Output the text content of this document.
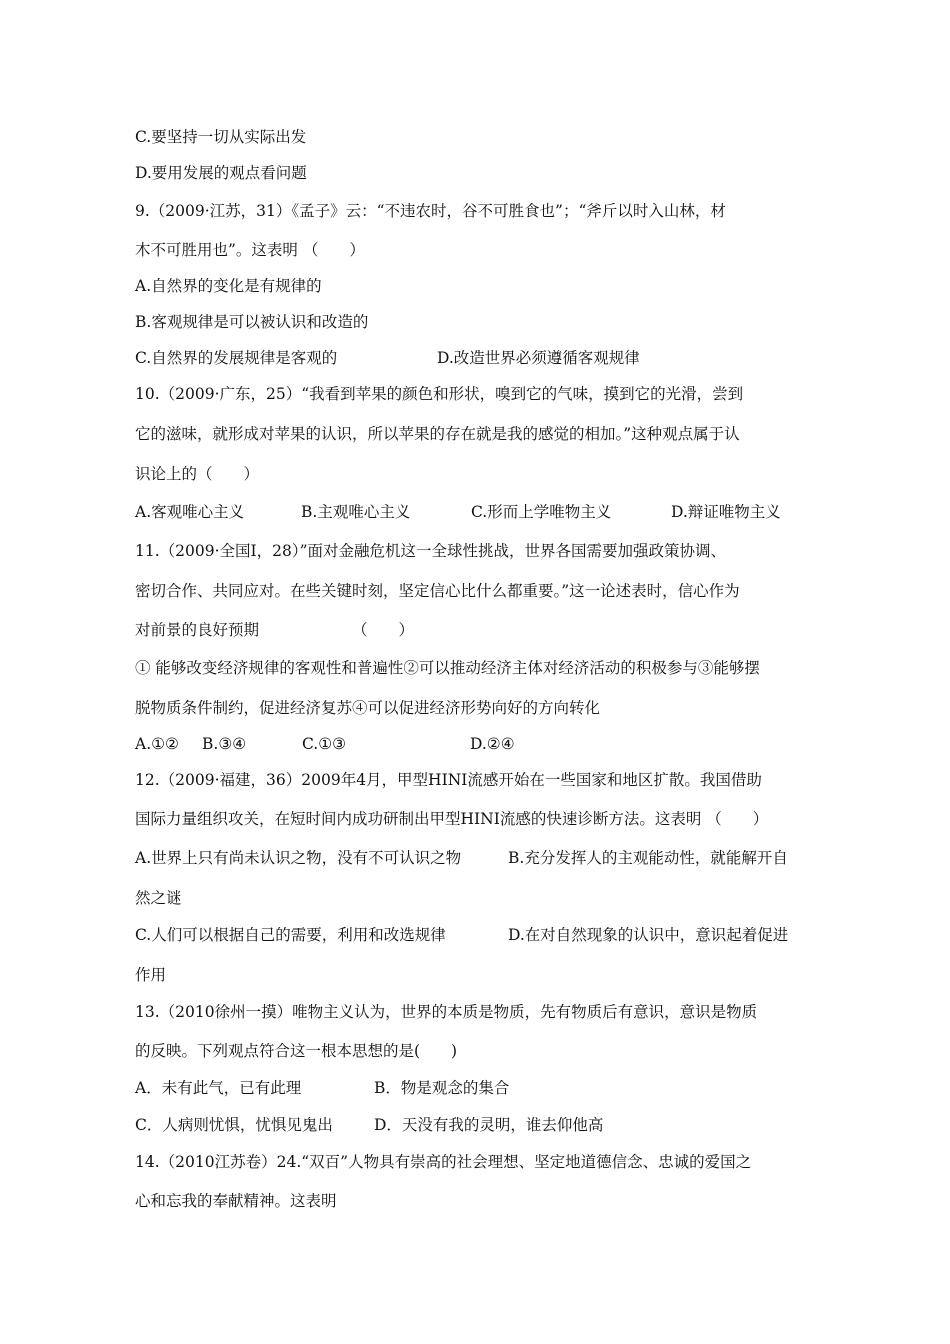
C.要坚持一切从实际出发
D.要用发展的观点看问题
9.（2009·江苏，31）《孟子》云：“不违农时，谷不可胜食也”；“斧斤以时入山林，材
木不可胜用也”。这表明 （　　）
A.自然界的变化是有规律的
B.客观规律是可以被认识和改造的
C.自然界的发展规律是客观的	D.改造世界必须遵循客观规律
10.（2009·广东，25）“我看到苹果的颜色和形状，嗅到它的气味，摸到它的光滑，尝到
它的滋味，就形成对苹果的认识，所以苹果的存在就是我的感觉的相加。”这种观点属于认
识论上的（　　）
A.客观唯心主义	B.主观唯心主义	C.形而上学唯物主义	D.辩证唯物主义
11.（2009·全国Ⅰ，28）”面对金融危机这一全球性挑战，世界各国需要加强政策协调、
密切合作、共同应对。在些关键时刻，坚定信心比什么都重要。”这一论述表时，信心作为
对前景的良好预期	（　　）
① 能够改变经济规律的客观性和普遍性②可以推动经济主体对经济活动的积极参与③能够摆
脱物质条件制约，促进经济复苏④可以促进经济形势向好的方向转化
A.①② B.③④	C.①③	D.②④
12.（2009·福建，36）2009年4月，甲型HINI流感开始在一些国家和地区扩散。我国借助
国际力量组织攻关，在短时间内成功研制出甲型HINI流感的快速诊断方法。这表明 （　　）
A.世界上只有尚未认识之物，没有不可认识之物	B.充分发挥人的主观能动性，就能解开自
然之谜
C.人们可以根据自己的需要，利用和改选规律	D.在对自然现象的认识中，意识起着促进
作用
13.（2010徐州一摸）唯物主义认为，世界的本质是物质，先有物质后有意识，意识是物质
的反映。下列观点符合这一根本思想的是(　　)
A．未有此气，已有此理	B．物是观念的集合
C．人病则忧惧，忧惧见鬼出	D．天没有我的灵明，谁去仰他高
14.（2010江苏卷）24.“双百”人物具有崇高的社会理想、坚定地道德信念、忠诚的爱国之
心和忘我的奉献精神。这表明
